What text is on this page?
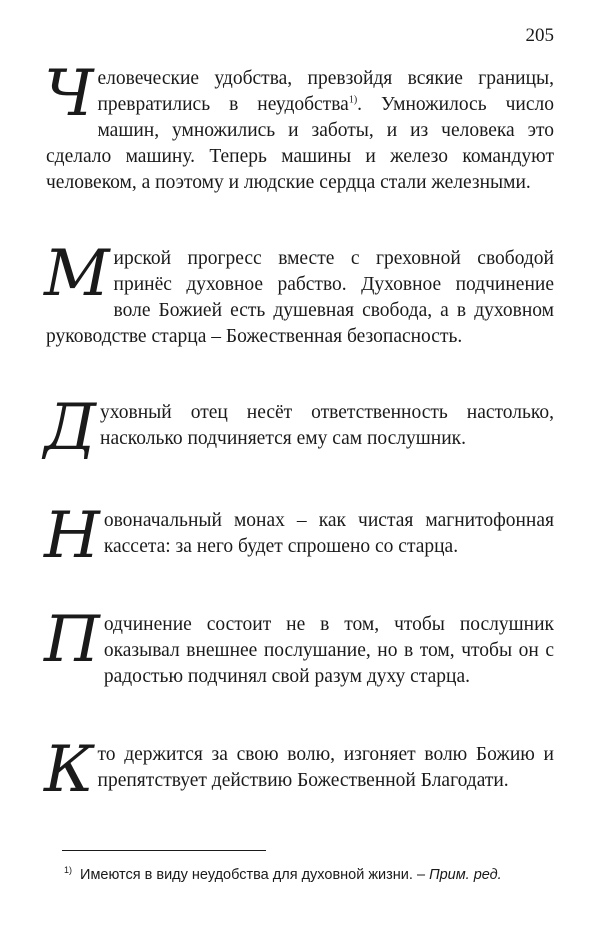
205

Ч еловеческие удобства, превзойдя всякие границы, превратились в неудобства$^{1)}$. Умножилось число машин, умножились и заботы, и из человека это сделало машину. Теперь машины и железо командуют человеком, а поэтому и людские сердца стали железными.

М ирской прогресс вместе с греховной свободой принёс духовное рабство. Духовное подчинение воле Божией есть душевная свобода, а в духовном руководстве старца – Божественная безопасность.

Д уховный отец несёт ответственность настолько, насколько подчиняется ему сам послушник.

Н овоначальный монах – как чистая магнитофонная кассета: за него будет спрошено со старца.

П одчинение состоит не в том, чтобы послушник оказывал внешнее послушание, но в том, чтобы он с радостью подчинял свой разум духу старца.

К то держится за свою волю, изгоняет волю Божию и препятствует действию Божественной Благодати.

$^{1)}$ Имеются в виду неудобства для духовной жизни. – Прим. ред.
